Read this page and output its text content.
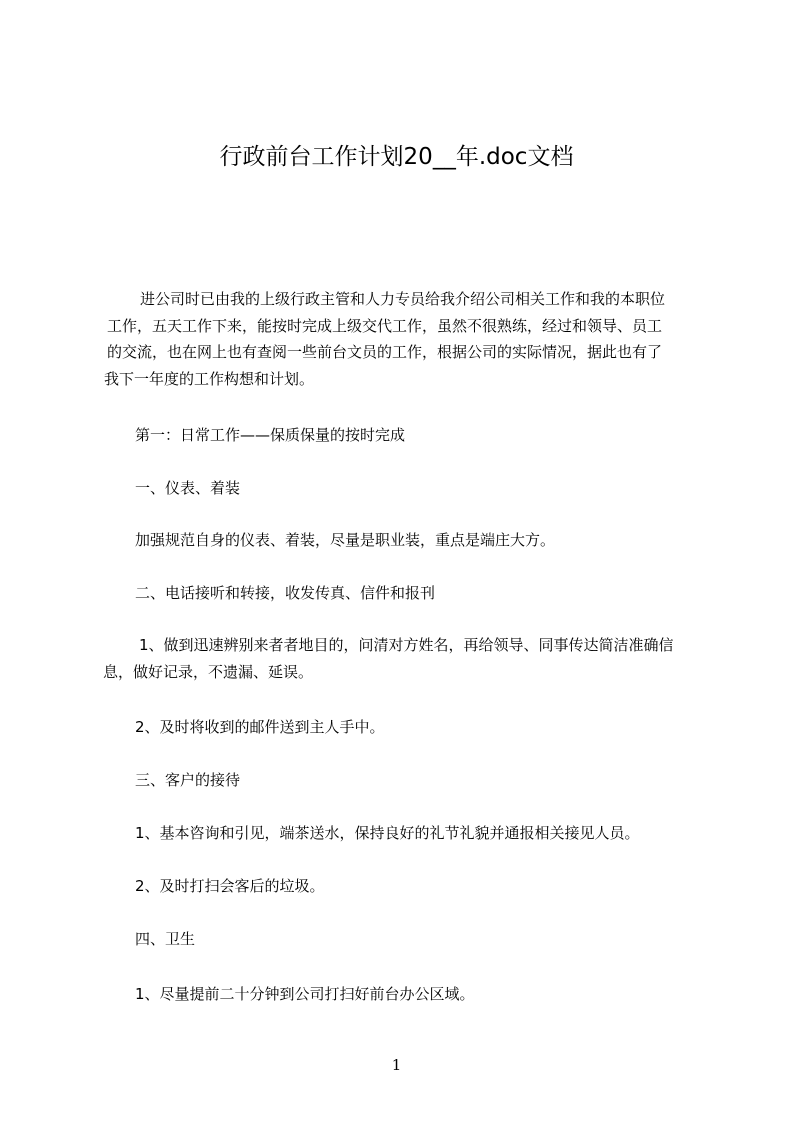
行政前台工作计划20__年.doc文档
进公司时已由我的上级行政主管和人力专员给我介绍公司相关工作和我的本职位
工作，五天工作下来，能按时完成上级交代工作，虽然不很熟练，经过和领导、员工
的交流，也在网上也有查阅一些前台文员的工作，根据公司的实际情况，据此也有了
我下一年度的工作构想和计划。
第一：日常工作——保质保量的按时完成
一、仪表、着装
加强规范自身的仪表、着装，尽量是职业装，重点是端庄大方。
二、电话接听和转接，收发传真、信件和报刊
1、做到迅速辨别来者者地目的，问清对方姓名，再给领导、同事传达简洁准确信
息，做好记录，不遗漏、延误。
2、及时将收到的邮件送到主人手中。
三、客户的接待
1、基本咨询和引见，端茶送水，保持良好的礼节礼貌并通报相关接见人员。
2、及时打扫会客后的垃圾。
四、卫生
1、尽量提前二十分钟到公司打扫好前台办公区域。
1
